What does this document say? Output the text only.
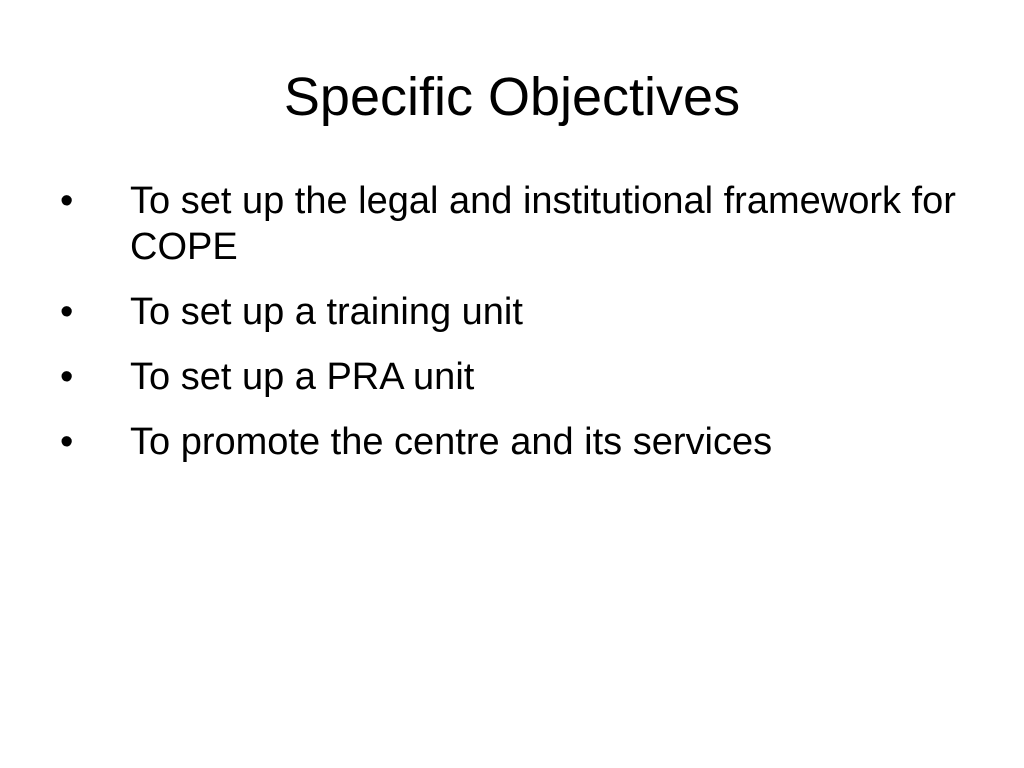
Specific Objectives
•	To set up the legal and institutional framework for COPE
•	To set up a training unit
•	To set up a PRA unit
•	To promote the centre and its services
